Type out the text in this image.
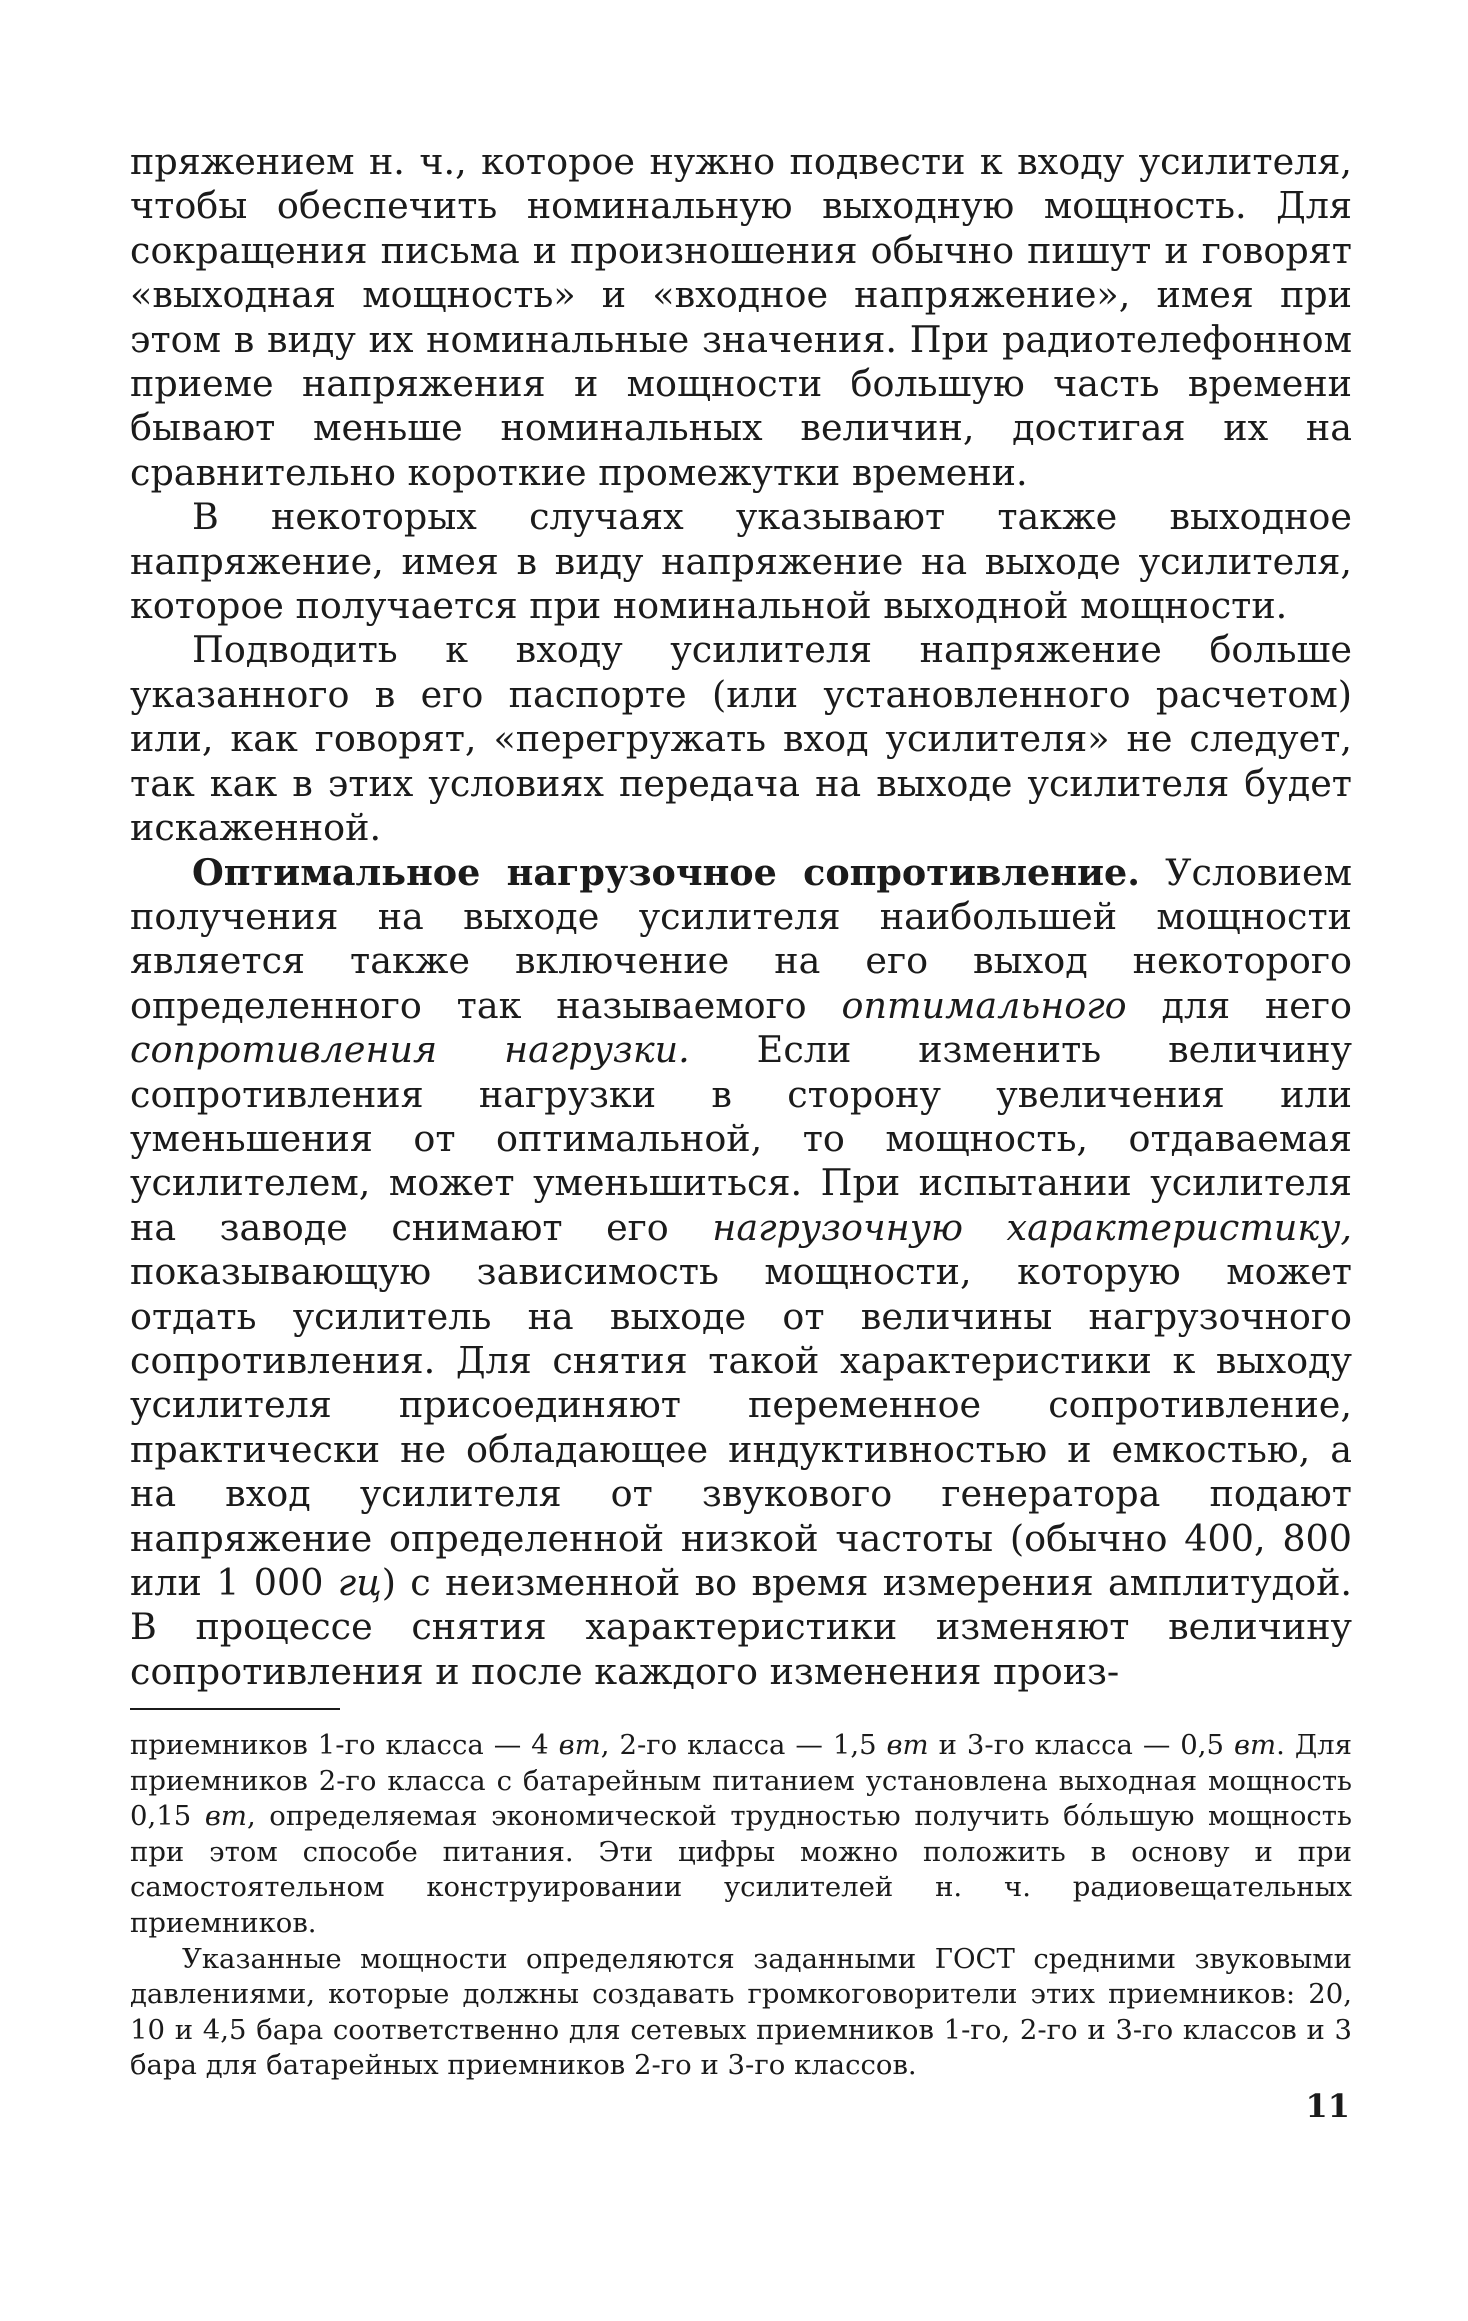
пряжением н. ч., которое нужно подвести к входу усилителя, чтобы обеспечить номинальную выходную мощность. Для сокращения письма и произношения обычно пишут и говорят «выходная мощность» и «входное напряжение», имея при этом в виду их номинальные значения. При радиотелефонном приеме напряжения и мощности большую часть времени бывают меньше номинальных величин, достигая их на сравнительно короткие промежутки времени.

В некоторых случаях указывают также выходное напряжение, имея в виду напряжение на выходе усилителя, которое получается при номинальной выходной мощности.

Подводить к входу усилителя напряжение больше указанного в его паспорте (или установленного расчетом) или, как говорят, «перегружать вход усилителя» не следует, так как в этих условиях передача на выходе усилителя будет искаженной.

Оптимальное нагрузочное сопротивление. Условием получения на выходе усилителя наибольшей мощности является также включение на его выход некоторого определенного так называемого оптимального для него сопротивления нагрузки. Если изменить величину сопротивления нагрузки в сторону увеличения или уменьшения от оптимальной, то мощность, отдаваемая усилителем, может уменьшиться. При испытании усилителя на заводе снимают его нагрузочную характеристику, показывающую зависимость мощности, которую может отдать усилитель на выходе от величины нагрузочного сопротивления. Для снятия такой характеристики к выходу усилителя присоединяют переменное сопротивление, практически не обладающее индуктивностью и емкостью, а на вход усилителя от звукового генератора подают напряжение определенной низкой частоты (обычно 400, 800 или 1 000 гц) с неизменной во время измерения амплитудой. В процессе снятия характеристики изменяют величину сопротивления и после каждого изменения произ-

приемников 1-го класса — 4 вт, 2-го класса — 1,5 вт и 3-го класса — 0,5 вт. Для приемников 2-го класса с батарейным питанием установлена выходная мощность 0,15 вт, определяемая экономической трудностью получить бо́льшую мощность при этом способе питания. Эти цифры можно положить в основу и при самостоятельном конструировании усилителей н. ч. радиовещательных приемников.

Указанные мощности определяются заданными ГОСТ средними звуковыми давлениями, которые должны создавать громкоговорители этих приемников: 20, 10 и 4,5 бара соответственно для сетевых приемников 1-го, 2-го и 3-го классов и 3 бара для батарейных приемников 2-го и 3-го классов.

11
